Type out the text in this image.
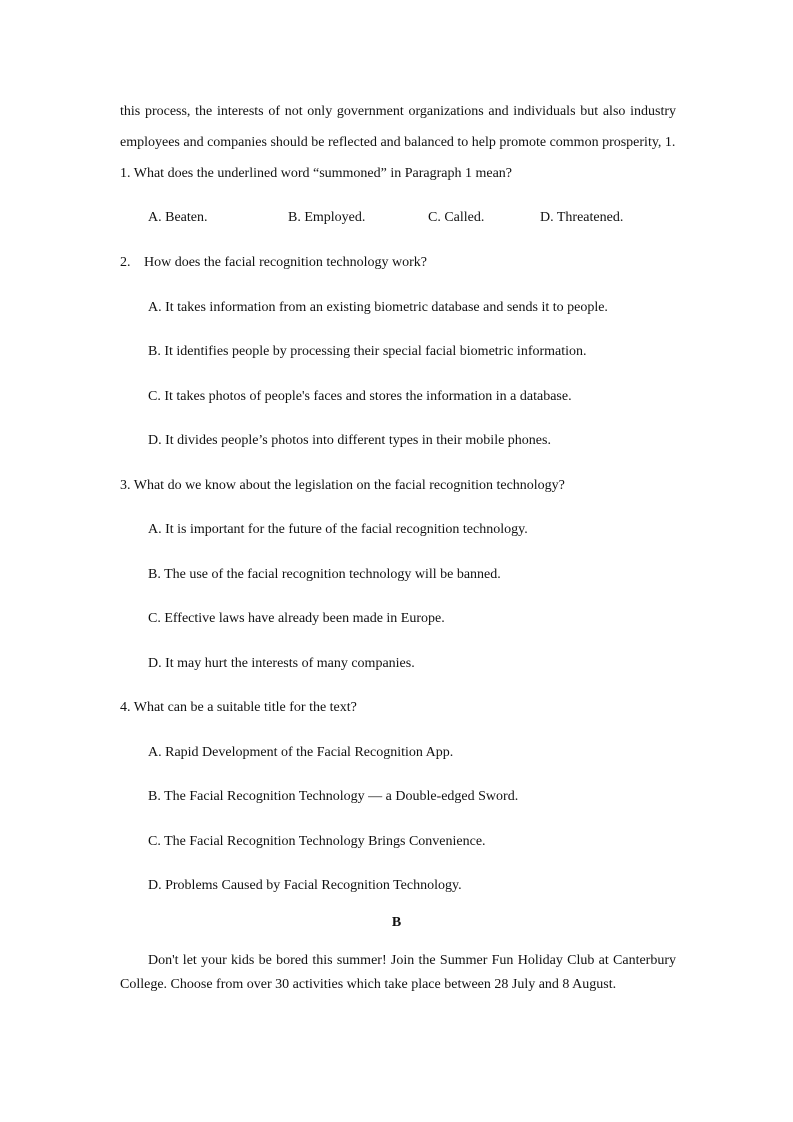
this process, the interests of not only government organizations and individuals but also industry
employees and companies should be reflected and balanced to help promote common prosperity, 1.
1. What does the underlined word “summoned” in Paragraph 1 mean?
A. Beaten.	B. Employed.	C. Called.	D. Threatened.
2. How does the facial recognition technology work?
A. It takes information from an existing biometric database and sends it to people.
B. It identifies people by processing their special facial biometric information.
C. It takes photos of people's faces and stores the information in a database.
D. It divides people’s photos into different types in their mobile phones.
3. What do we know about the legislation on the facial recognition technology?
A. It is important for the future of the facial recognition technology.
B. The use of the facial recognition technology will be banned.
C. Effective laws have already been made in Europe.
D. It may hurt the interests of many companies.
4. What can be a suitable title for the text?
A. Rapid Development of the Facial Recognition App.
B. The Facial Recognition Technology — a Double-edged Sword.
C. The Facial Recognition Technology Brings Convenience.
D. Problems Caused by Facial Recognition Technology.
B
Don't let your kids be bored this summer! Join the Summer Fun Holiday Club at Canterbury
College. Choose from over 30 activities which take place between 28 July and 8 August.
